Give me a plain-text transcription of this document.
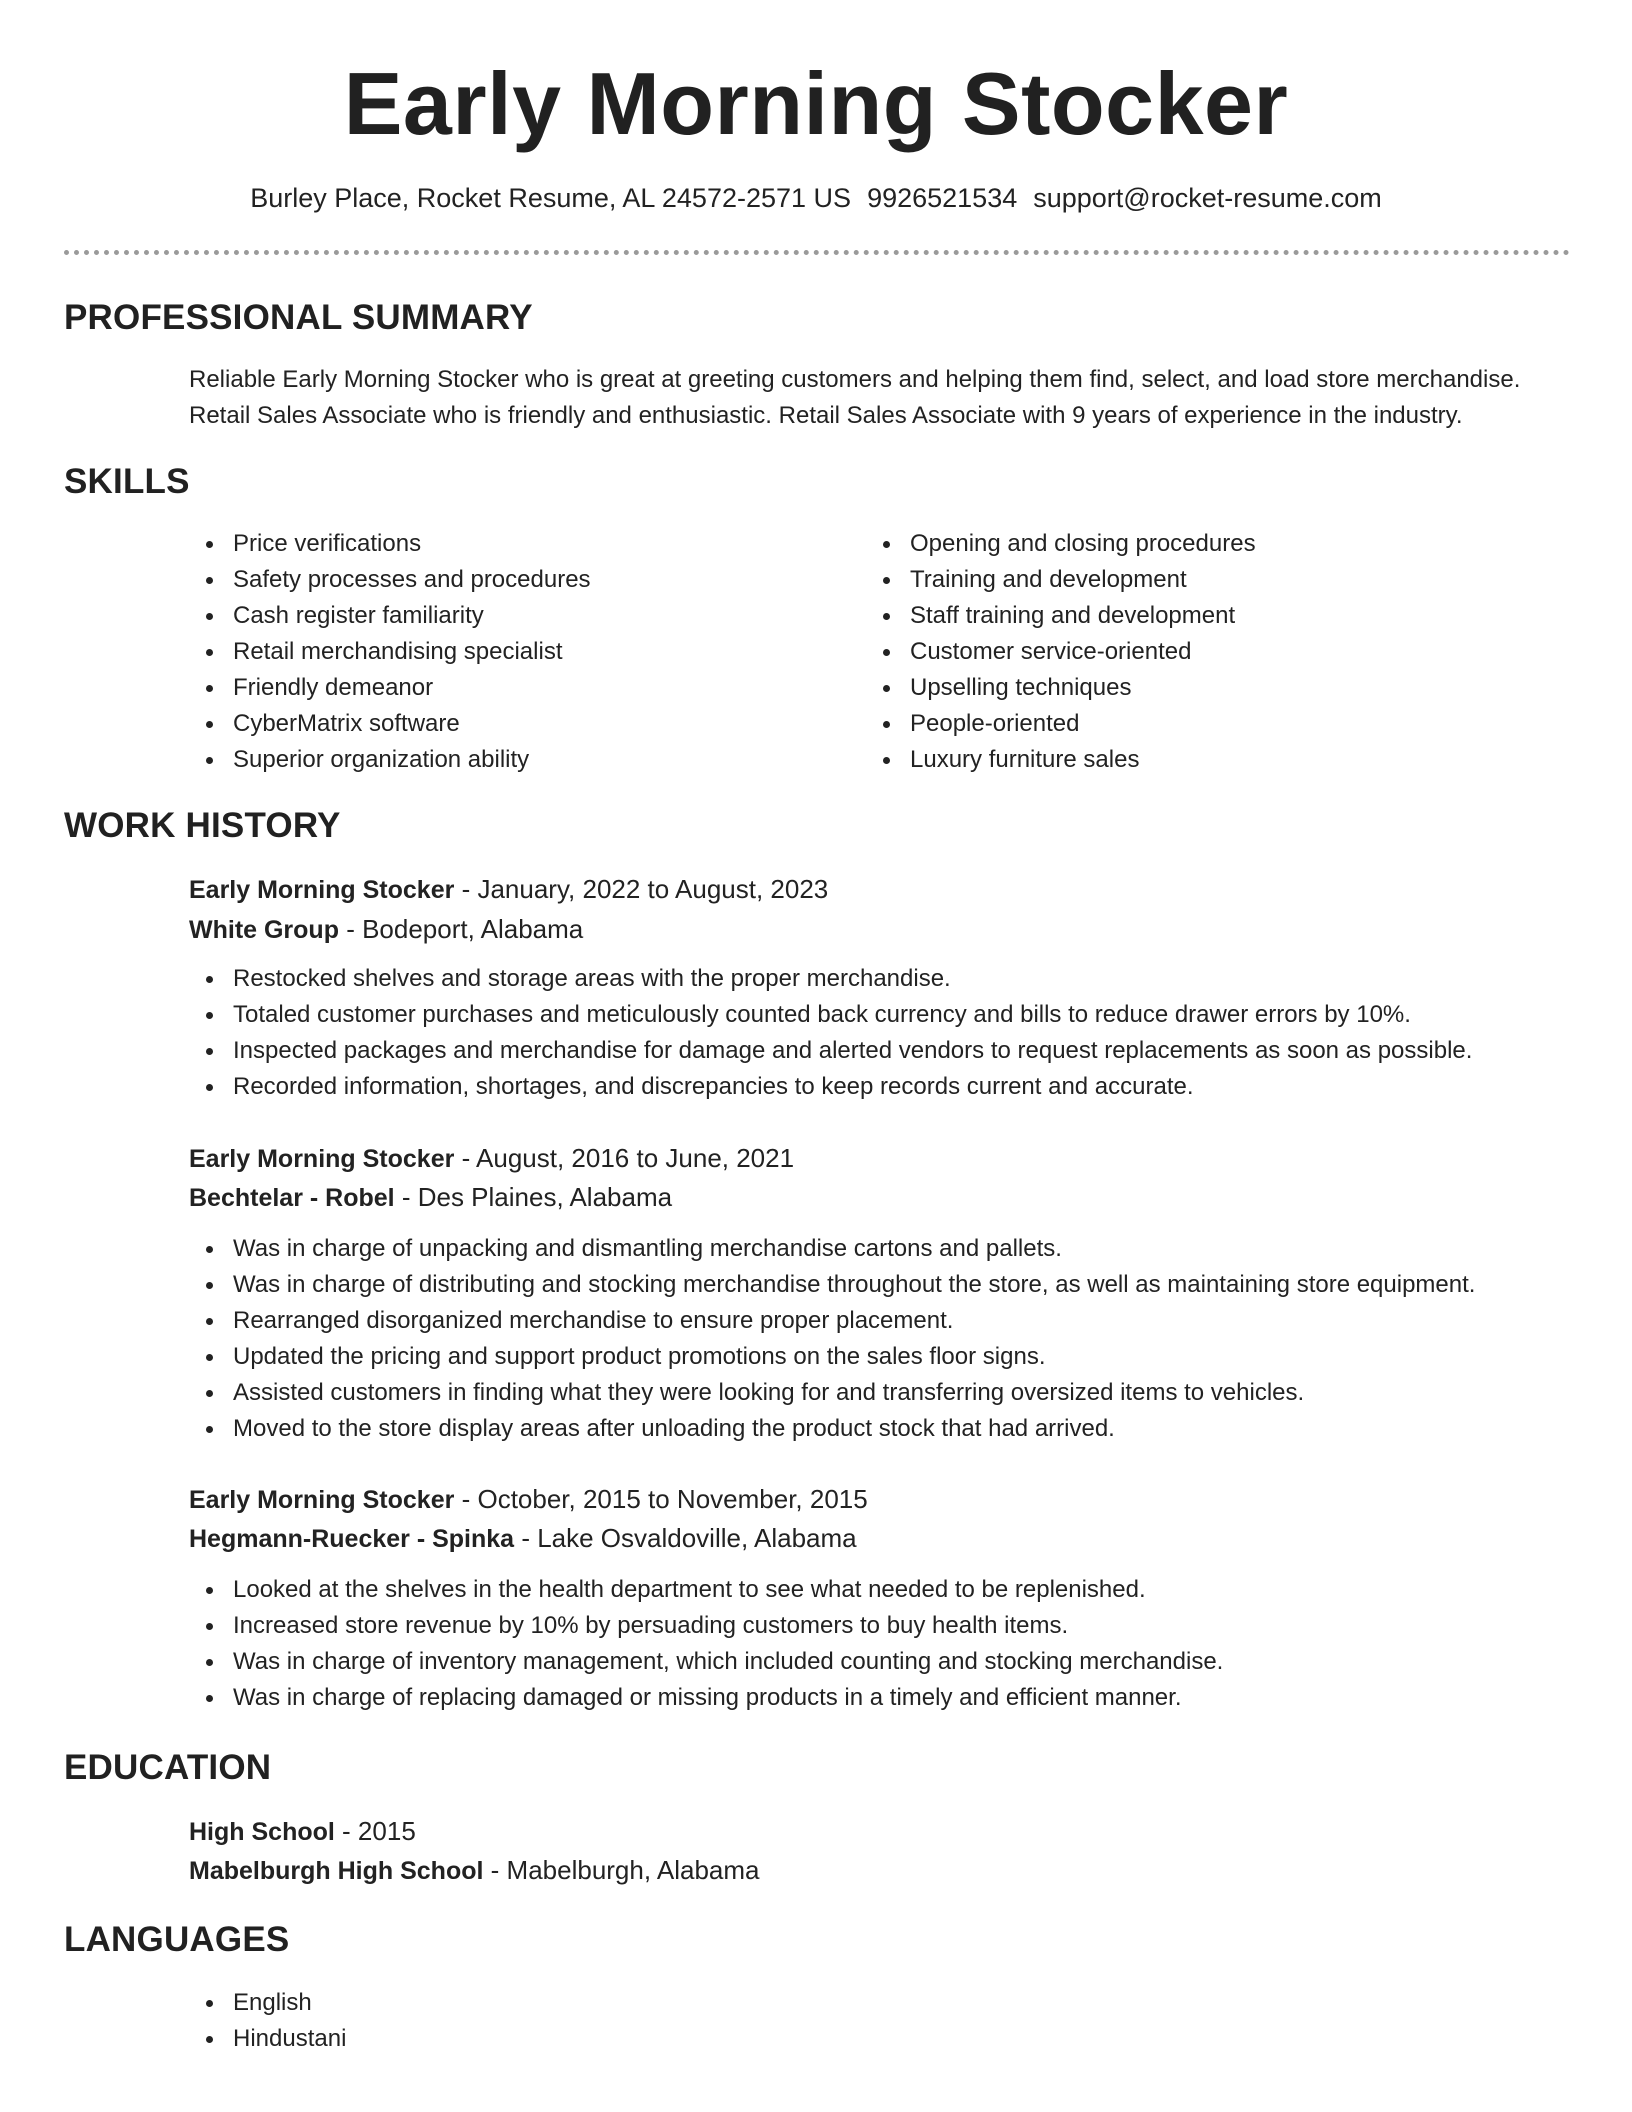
Early Morning Stocker
Burley Place, Rocket Resume, AL 24572-2571 US 9926521534 support@rocket-resume.com
PROFESSIONAL SUMMARY
Reliable Early Morning Stocker who is great at greeting customers and helping them find, select, and load store merchandise. Retail Sales Associate who is friendly and enthusiastic. Retail Sales Associate with 9 years of experience in the industry.
SKILLS
Price verifications
Safety processes and procedures
Cash register familiarity
Retail merchandising specialist
Friendly demeanor
CyberMatrix software
Superior organization ability
Opening and closing procedures
Training and development
Staff training and development
Customer service-oriented
Upselling techniques
People-oriented
Luxury furniture sales
WORK HISTORY
Early Morning Stocker - January, 2022 to August, 2023
White Group - Bodeport, Alabama
Restocked shelves and storage areas with the proper merchandise.
Totaled customer purchases and meticulously counted back currency and bills to reduce drawer errors by 10%.
Inspected packages and merchandise for damage and alerted vendors to request replacements as soon as possible.
Recorded information, shortages, and discrepancies to keep records current and accurate.
Early Morning Stocker - August, 2016 to June, 2021
Bechtelar - Robel - Des Plaines, Alabama
Was in charge of unpacking and dismantling merchandise cartons and pallets.
Was in charge of distributing and stocking merchandise throughout the store, as well as maintaining store equipment.
Rearranged disorganized merchandise to ensure proper placement.
Updated the pricing and support product promotions on the sales floor signs.
Assisted customers in finding what they were looking for and transferring oversized items to vehicles.
Moved to the store display areas after unloading the product stock that had arrived.
Early Morning Stocker - October, 2015 to November, 2015
Hegmann-Ruecker - Spinka - Lake Osvaldoville, Alabama
Looked at the shelves in the health department to see what needed to be replenished.
Increased store revenue by 10% by persuading customers to buy health items.
Was in charge of inventory management, which included counting and stocking merchandise.
Was in charge of replacing damaged or missing products in a timely and efficient manner.
EDUCATION
High School - 2015
Mabelburgh High School - Mabelburgh, Alabama
LANGUAGES
English
Hindustani
